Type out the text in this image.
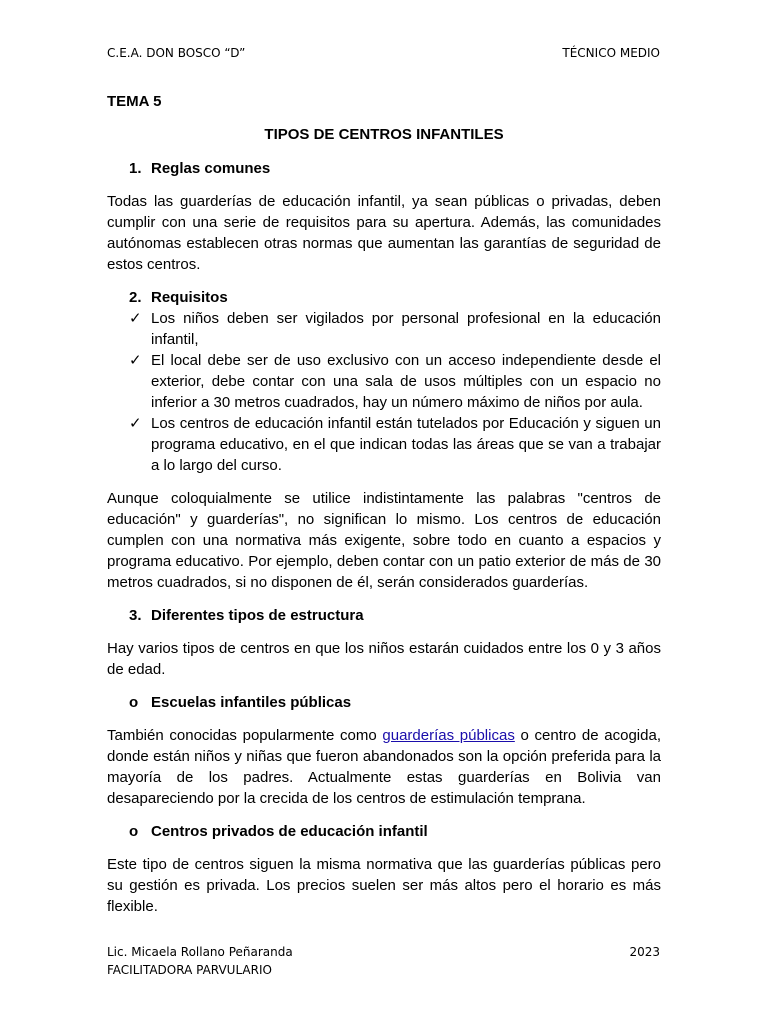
C.E.A. DON BOSCO “D”	TÉCNICO MEDIO
TEMA 5
TIPOS DE CENTROS INFANTILES
1. Reglas comunes

Todas las guarderías de educación infantil, ya sean públicas o privadas, deben cumplir con una serie de requisitos para su apertura. Además, las comunidades autónomas establecen otras normas que aumentan las garantías de seguridad de estos centros.

2. Requisitos
✓ Los niños deben ser vigilados por personal profesional en la educación infantil,
✓ El local debe ser de uso exclusivo con un acceso independiente desde el exterior, debe contar con una sala de usos múltiples con un espacio no inferior a 30 metros cuadrados, hay un número máximo de niños por aula.
✓ Los centros de educación infantil están tutelados por Educación y siguen un programa educativo, en el que indican todas las áreas que se van a trabajar a lo largo del curso.

Aunque coloquialmente se utilice indistintamente las palabras "centros de educación" y guarderías", no significan lo mismo. Los centros de educación cumplen con una normativa más exigente, sobre todo en cuanto a espacios y programa educativo. Por ejemplo, deben contar con un patio exterior de más de 30 metros cuadrados, si no disponen de él, serán considerados guarderías.

3. Diferentes tipos de estructura

Hay varios tipos de centros en que los niños estarán cuidados entre los 0 y 3 años de edad.

o Escuelas infantiles públicas

También conocidas popularmente como guarderías públicas o centro de acogida, donde están niños y niñas que fueron abandonados son la opción preferida para la mayoría de los padres. Actualmente estas guarderías en Bolivia van desapareciendo por la crecida de los centros de estimulación temprana.

o Centros privados de educación infantil

Este tipo de centros siguen la misma normativa que las guarderías públicas pero su gestión es privada. Los precios suelen ser más altos pero el horario es más flexible.

Lic. Micaela Rollano Peñaranda
FACILITADORA PARVULARIO
2023
